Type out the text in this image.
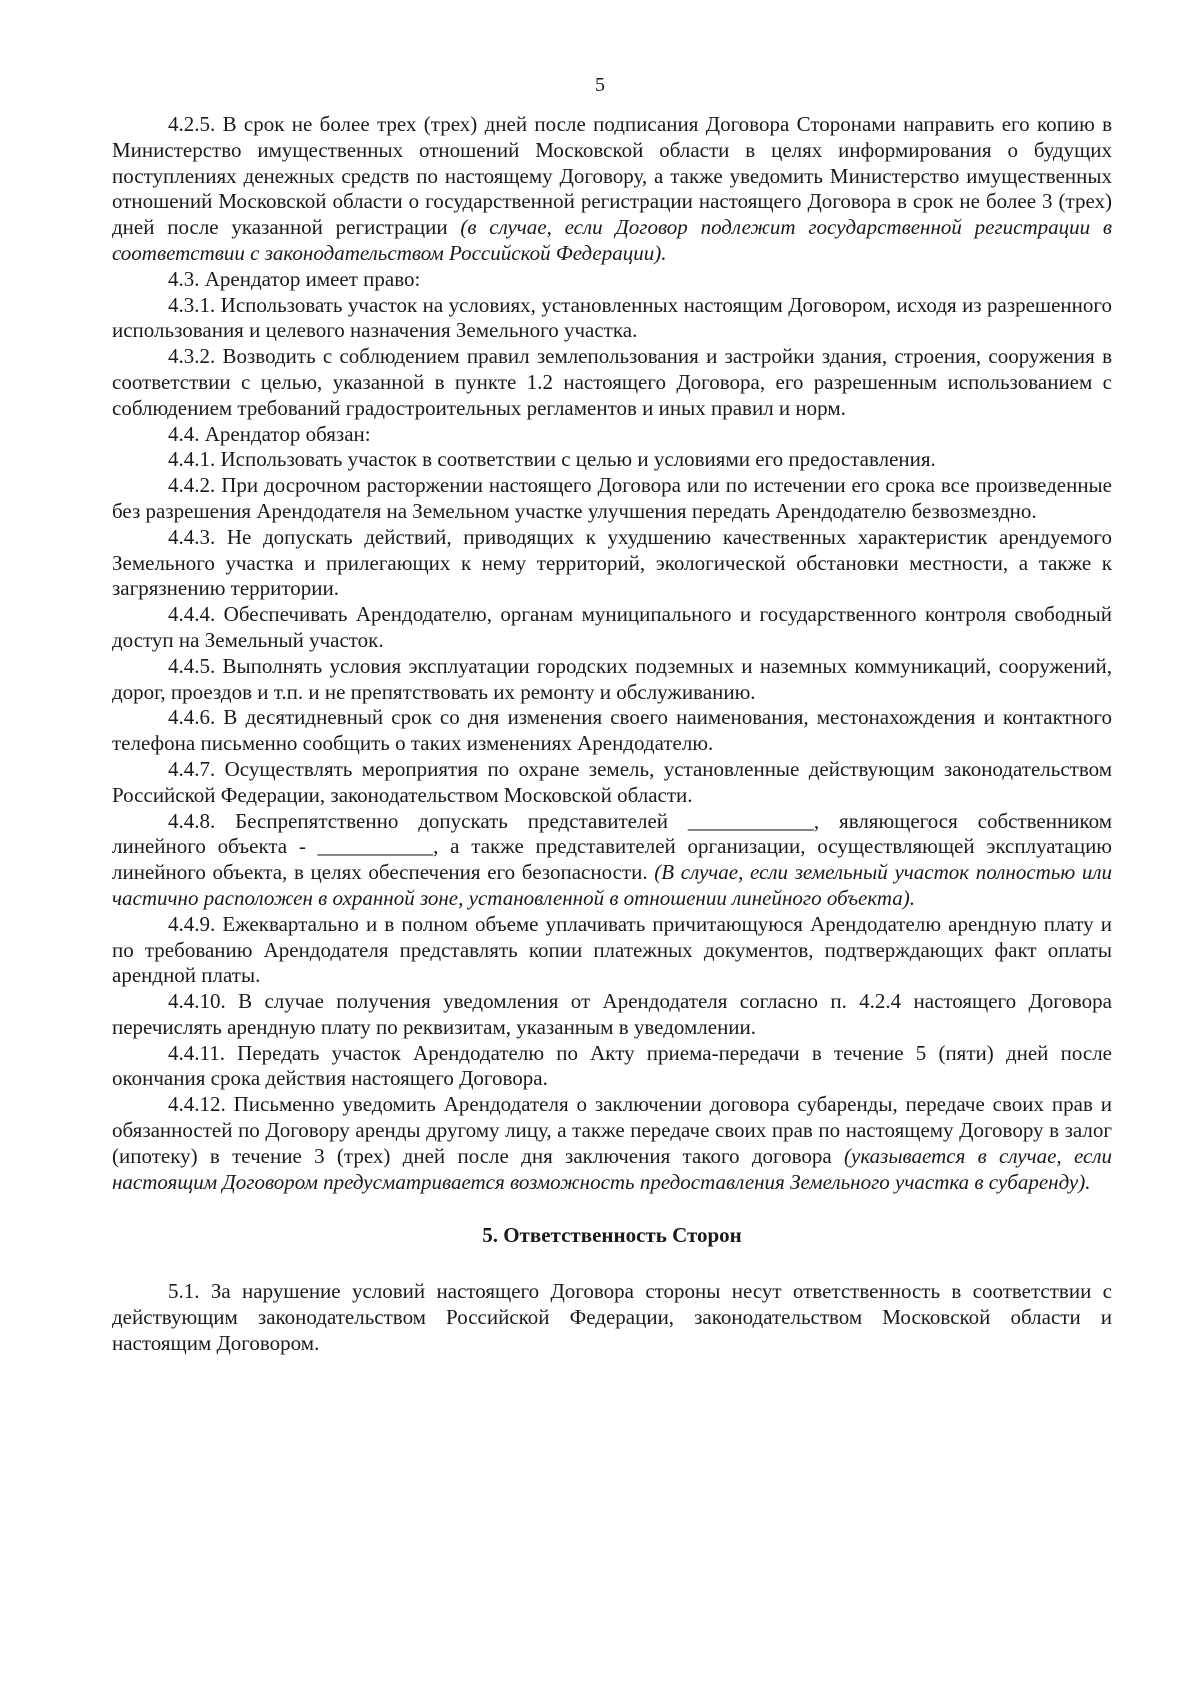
5

4.2.5. В срок не более трех (трех) дней после подписания Договора Сторонами направить его копию в Министерство имущественных отношений Московской области в целях информирования о будущих поступлениях денежных средств по настоящему Договору, а также уведомить Министерство имущественных отношений Московской области о государственной регистрации настоящего Договора в срок не более 3 (трех) дней после указанной регистрации (в случае, если Договор подлежит государственной регистрации в соответствии с законодательством Российской Федерации).

4.3. Арендатор имеет право:

4.3.1. Использовать участок на условиях, установленных настоящим Договором, исходя из разрешенного использования и целевого назначения Земельного участка.

4.3.2. Возводить с соблюдением правил землепользования и застройки здания, строения, сооружения в соответствии с целью, указанной в пункте 1.2 настоящего Договора, его разрешенным использованием с соблюдением требований градостроительных регламентов и иных правил и норм.

4.4. Арендатор обязан:

4.4.1. Использовать участок в соответствии с целью и условиями его предоставления.

4.4.2. При досрочном расторжении настоящего Договора или по истечении его срока все произведенные без разрешения Арендодателя на Земельном участке улучшения передать Арендодателю безвозмездно.

4.4.3. Не допускать действий, приводящих к ухудшению качественных характеристик арендуемого Земельного участка и прилегающих к нему территорий, экологической обстановки местности, а также к загрязнению территории.

4.4.4. Обеспечивать Арендодателю, органам муниципального и государственного контроля свободный доступ на Земельный участок.

4.4.5. Выполнять условия эксплуатации городских подземных и наземных коммуникаций, сооружений, дорог, проездов и т.п. и не препятствовать их ремонту и обслуживанию.

4.4.6. В десятидневный срок со дня изменения своего наименования, местонахождения и контактного телефона письменно сообщить о таких изменениях Арендодателю.

4.4.7. Осуществлять мероприятия по охране земель, установленные действующим законодательством Российской Федерации, законодательством Московской области.

4.4.8. Беспрепятственно допускать представителей ____________, являющегося собственником линейного объекта - ___________, а также представителей организации, осуществляющей эксплуатацию линейного объекта, в целях обеспечения его безопасности. (В случае, если земельный участок полностью или частично расположен в охранной зоне, установленной в отношении линейного объекта).

4.4.9. Ежеквартально и в полном объеме уплачивать причитающуюся Арендодателю арендную плату и по требованию Арендодателя представлять копии платежных документов, подтверждающих факт оплаты арендной платы.

4.4.10. В случае получения уведомления от Арендодателя согласно п. 4.2.4 настоящего Договора перечислять арендную плату по реквизитам, указанным в уведомлении.

4.4.11. Передать участок Арендодателю по Акту приема-передачи в течение 5 (пяти) дней после окончания срока действия настоящего Договора.

4.4.12. Письменно уведомить Арендодателя о заключении договора субаренды, передаче своих прав и обязанностей по Договору аренды другому лицу, а также передаче своих прав по настоящему Договору в залог (ипотеку) в течение 3 (трех) дней после дня заключения такого договора (указывается в случае, если настоящим Договором предусматривается возможность предоставления Земельного участка в субаренду).

5. Ответственность Сторон

5.1. За нарушение условий настоящего Договора стороны несут ответственность в соответствии с действующим законодательством Российской Федерации, законодательством Московской области и настоящим Договором.
